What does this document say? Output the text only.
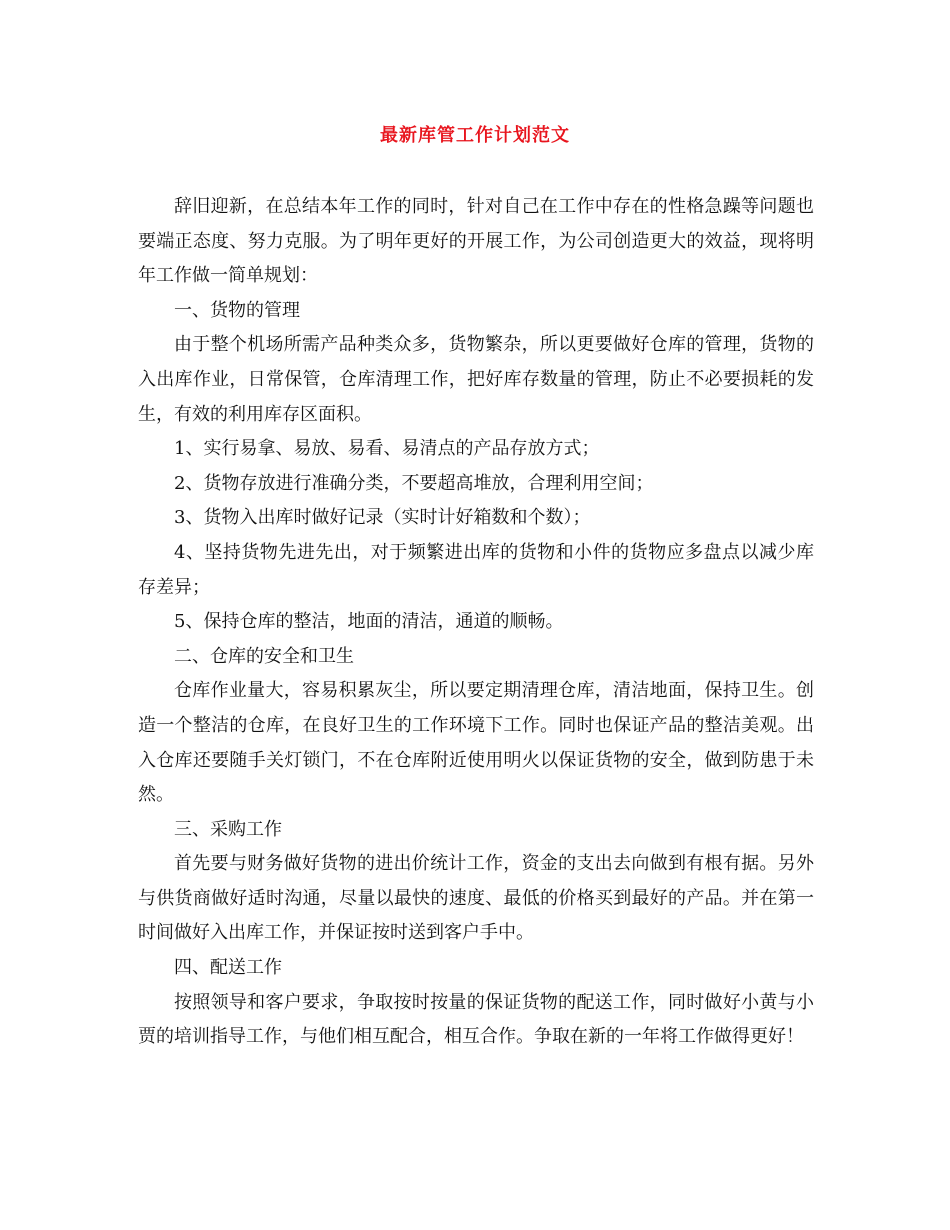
最新库管工作计划范文

辞旧迎新，在总结本年工作的同时，针对自己在工作中存在的性格急躁等问题也要端正态度、努力克服。为了明年更好的开展工作，为公司创造更大的效益，现将明年工作做一简单规划：

一、货物的管理

由于整个机场所需产品种类众多，货物繁杂，所以更要做好仓库的管理，货物的入出库作业，日常保管，仓库清理工作，把好库存数量的管理，防止不必要损耗的发生，有效的利用库存区面积。

1、实行易拿、易放、易看、易清点的产品存放方式；

2、货物存放进行准确分类，不要超高堆放，合理利用空间；

3、货物入出库时做好记录（实时计好箱数和个数）；

4、坚持货物先进先出，对于频繁进出库的货物和小件的货物应多盘点以减少库存差异；

5、保持仓库的整洁，地面的清洁，通道的顺畅。

二、仓库的安全和卫生

仓库作业量大，容易积累灰尘，所以要定期清理仓库，清洁地面，保持卫生。创造一个整洁的仓库，在良好卫生的工作环境下工作。同时也保证产品的整洁美观。出入仓库还要随手关灯锁门，不在仓库附近使用明火以保证货物的安全，做到防患于未然。

三、采购工作

首先要与财务做好货物的进出价统计工作，资金的支出去向做到有根有据。另外与供货商做好适时沟通，尽量以最快的速度、最低的价格买到最好的产品。并在第一时间做好入出库工作，并保证按时送到客户手中。

四、配送工作

按照领导和客户要求，争取按时按量的保证货物的配送工作，同时做好小黄与小贾的培训指导工作，与他们相互配合，相互合作。争取在新的一年将工作做得更好！
